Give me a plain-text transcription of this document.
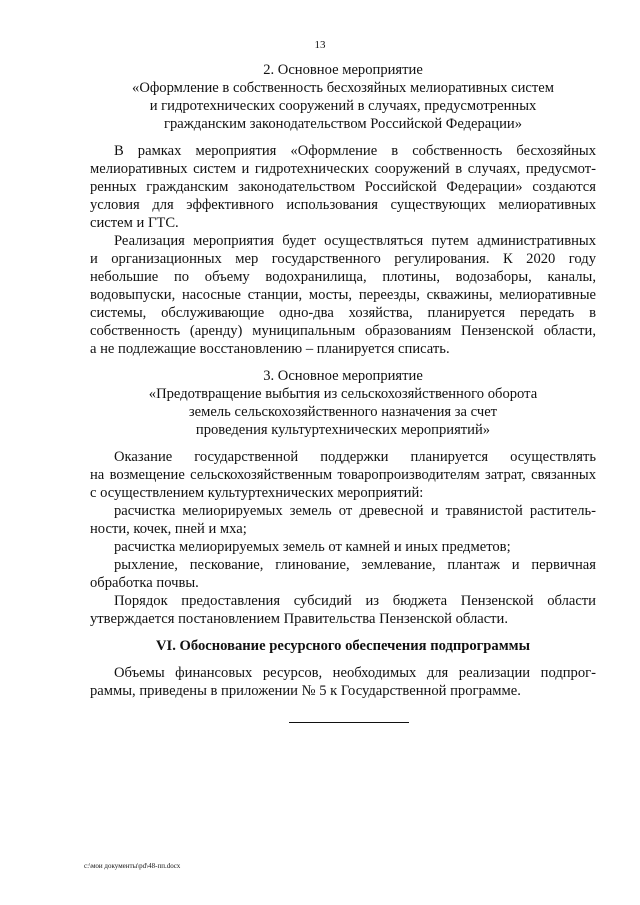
13
2. Основное мероприятие
«Оформление в собственность бесхозяйных мелиоративных систем
и гидротехнических сооружений в случаях, предусмотренных
гражданским законодательством Российской Федерации»
В рамках мероприятия «Оформление в собственность бесхозяйных
мелиоративных систем и гидротехнических сооружений в случаях, предусмот-
ренных гражданским законодательством Российской Федерации» создаются
условия для эффективного использования существующих мелиоративных
систем и ГТС.
Реализация мероприятия будет осуществляться путем административных
и организационных мер государственного регулирования. К 2020 году
небольшие по объему водохранилища, плотины, водозаборы, каналы,
водовыпуски, насосные станции, мосты, переезды, скважины, мелиоративные
системы, обслуживающие одно-два хозяйства, планируется передать в
собственность (аренду) муниципальным образованиям Пензенской области,
а не подлежащие восстановлению – планируется списать.
3. Основное мероприятие
«Предотвращение выбытия из сельскохозяйственного оборота
земель сельскохозяйственного назначения за счет
проведения культуртехнических мероприятий»
Оказание государственной поддержки планируется осуществлять
на возмещение сельскохозяйственным товаропроизводителям затрат, связанных
с осуществлением культуртехнических мероприятий:
расчистка мелиорируемых земель от древесной и травянистой раститель-
ности, кочек, пней и мха;
расчистка мелиорируемых земель от камней и иных предметов;
рыхление, пескование, глинование, землевание, плантаж и первичная
обработка почвы.
Порядок предоставления субсидий из бюджета Пензенской области
утверждается постановлением Правительства Пензенской области.
VI. Обоснование ресурсного обеспечения подпрограммы
Объемы финансовых ресурсов, необходимых для реализации подпрог-
раммы, приведены в приложении № 5 к Государственной программе.
c:\мои документы\pd\48-пп.docx
